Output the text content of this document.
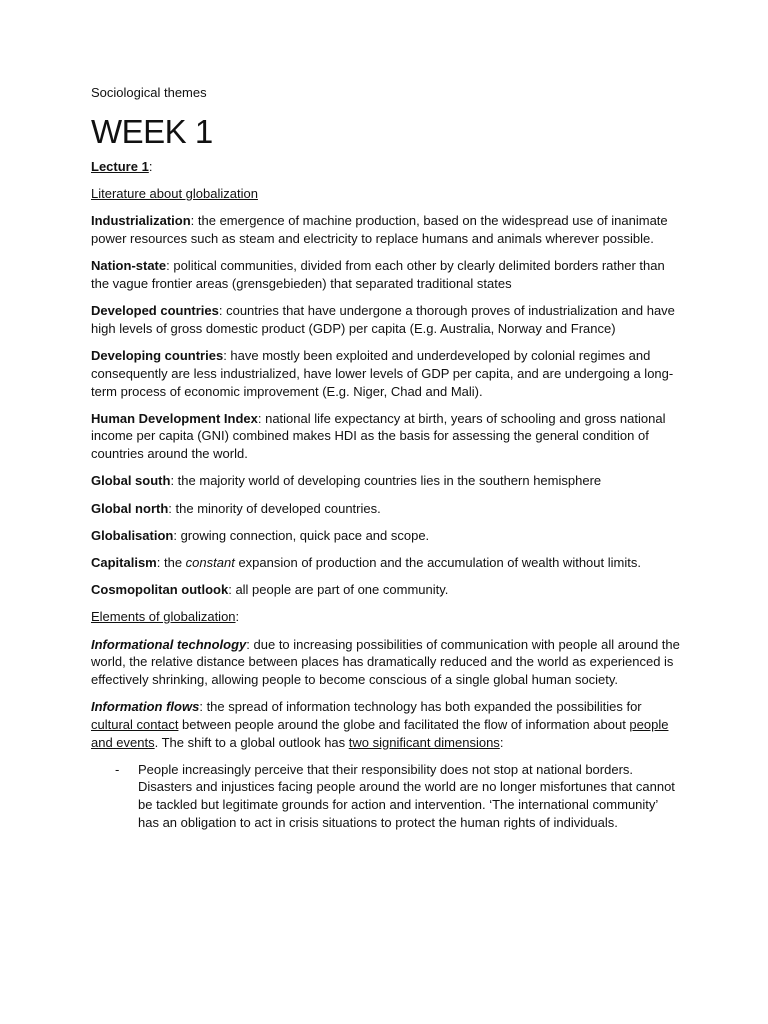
Sociological themes
WEEK 1

Lecture 1:

Literature about globalization

Industrialization: the emergence of machine production, based on the widespread use of inanimate power resources such as steam and electricity to replace humans and animals wherever possible.

Nation-state: political communities, divided from each other by clearly delimited borders rather than the vague frontier areas (grensgebieden) that separated traditional states

Developed countries: countries that have undergone a thorough proves of industrialization and have high levels of gross domestic product (GDP) per capita (E.g. Australia, Norway and France)

Developing countries: have mostly been exploited and underdeveloped by colonial regimes and consequently are less industrialized, have lower levels of GDP per capita, and are undergoing a long-term process of economic improvement (E.g. Niger, Chad and Mali).

Human Development Index: national life expectancy at birth, years of schooling and gross national income per capita (GNI) combined makes HDI as the basis for assessing the general condition of countries around the world.

Global south: the majority world of developing countries lies in the southern hemisphere

Global north: the minority of developed countries.

Globalisation: growing connection, quick pace and scope.

Capitalism: the constant expansion of production and the accumulation of wealth without limits.

Cosmopolitan outlook: all people are part of one community.

Elements of globalization:

Informational technology: due to increasing possibilities of communication with people all around the world, the relative distance between places has dramatically reduced and the world as experienced is effectively shrinking, allowing people to become conscious of a single global human society.

Information flows: the spread of information technology has both expanded the possibilities for cultural contact between people around the globe and facilitated the flow of information about people and events. The shift to a global outlook has two significant dimensions:

- People increasingly perceive that their responsibility does not stop at national borders. Disasters and injustices facing people around the world are no longer misfortunes that cannot be tackled but legitimate grounds for action and intervention. ‘The international community’ has an obligation to act in crisis situations to protect the human rights of individuals.
